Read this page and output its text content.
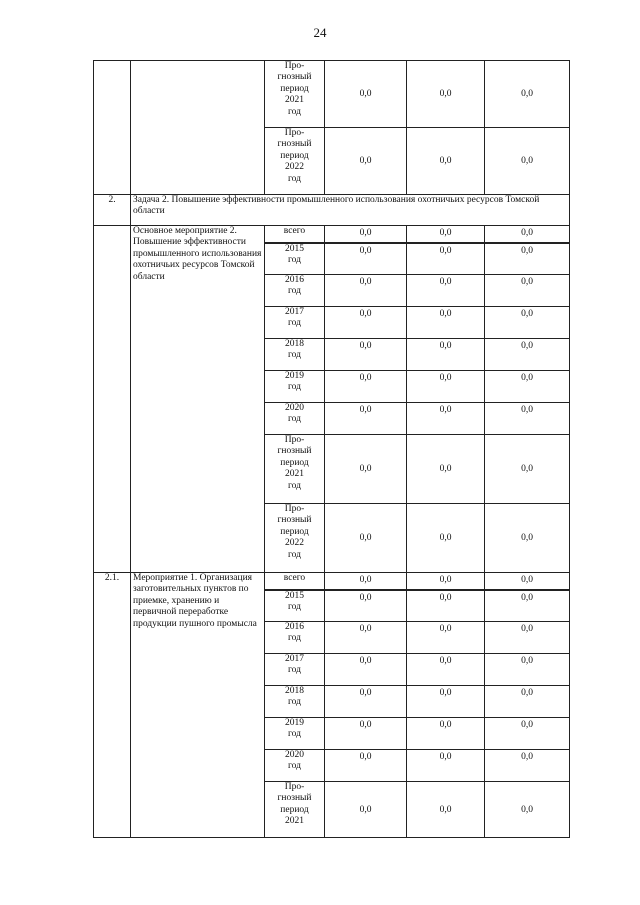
24
		Про-
гнозный
период
2021
год	0,0	0,0	0,0

		Про-
гнозный
период
2022
год	0,0	0,0	0,0

2.	Задача 2. Повышение эффективности промышленного использования охотничьих ресурсов Томской области				
	Основное мероприятие 2. Повышение эффективности промышленного использования охотничьих ресурсов Томской области	всего	0,0	0,0	0,0

		2015
год	0,0	0,0	0,0

		2016
год	0,0	0,0	0,0

		2017
год	0,0	0,0	0,0

		2018
год	0,0	0,0	0,0

		2019
год	0,0	0,0	0,0

		2020
год	0,0	0,0	0,0

		Про-
гнозный
период
2021
год	0,0	0,0	0,0

		Про-
гнозный
период
2022
год	0,0	0,0	0,0

2.1.	Мероприятие 1. Организация заготовительных пунктов по приемке, хранению и первичной переработке продукции пушного промысла	всего	0,0	0,0	0,0

		2015
год	0,0	0,0	0,0

		2016
год	0,0	0,0	0,0

		2017
год	0,0	0,0	0,0

		2018
год	0,0	0,0	0,0

		2019
год	0,0	0,0	0,0

		2020
год	0,0	0,0	0,0

		Про-
гнозный
период
2021	0,0	0,0	0,0
